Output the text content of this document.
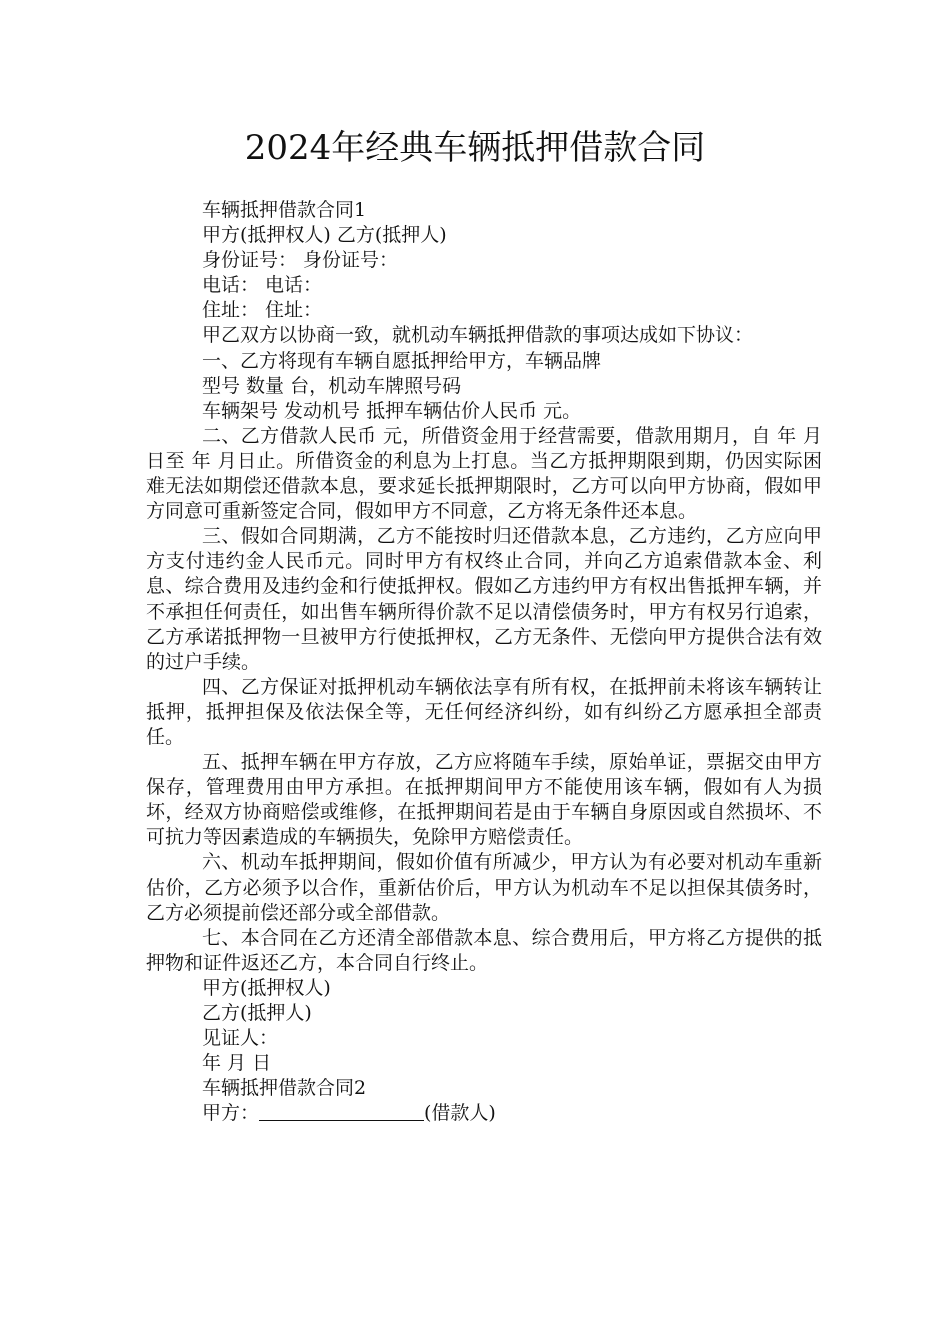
2024年经典车辆抵押借款合同
车辆抵押借款合同1
甲方(抵押权人) 乙方(抵押人)
身份证号： 身份证号：
电话： 电话：
住址： 住址：

甲乙双方以协商一致，就机动车辆抵押借款的事项达成如下协议：

一、乙方将现有车辆自愿抵押给甲方，车辆品牌
型号 数量 台，机动车牌照号码
车辆架号 发动机号 抵押车辆估价人民币 元。

二、乙方借款人民币 元，所借资金用于经营需要，借款用期月，自 年 月 日至 年 月日止。所借资金的利息为上打息。当乙方抵押期限到期，仍因实际困难无法如期偿还借款本息，要求延长抵押期限时，乙方可以向甲方协商，假如甲方同意可重新签定合同，假如甲方不同意，乙方将无条件还本息。

三、假如合同期满，乙方不能按时归还借款本息，乙方违约，乙方应向甲方支付违约金人民币元。同时甲方有权终止合同，并向乙方追索借款本金、利息、综合费用及违约金和行使抵押权。假如乙方违约甲方有权出售抵押车辆，并不承担任何责任，如出售车辆所得价款不足以清偿债务时，甲方有权另行追索，乙方承诺抵押物一旦被甲方行使抵押权，乙方无条件、无偿向甲方提供合法有效的过户手续。

四、乙方保证对抵押机动车辆依法享有所有权，在抵押前未将该车辆转让抵押，抵押担保及依法保全等，无任何经济纠纷，如有纠纷乙方愿承担全部责任。

五、抵押车辆在甲方存放，乙方应将随车手续，原始单证，票据交由甲方保存，管理费用由甲方承担。在抵押期间甲方不能使用该车辆，假如有人为损坏，经双方协商赔偿或维修，在抵押期间若是由于车辆自身原因或自然损坏、不可抗力等因素造成的车辆损失，免除甲方赔偿责任。

六、机动车抵押期间，假如价值有所减少，甲方认为有必要对机动车重新估价，乙方必须予以合作，重新估价后，甲方认为机动车不足以担保其债务时，乙方必须提前偿还部分或全部借款。

七、本合同在乙方还清全部借款本息、综合费用后，甲方将乙方提供的抵押物和证件返还乙方，本合同自行终止。

甲方(抵押权人)
乙方(抵押人)
见证人：
年 月 日
车辆抵押借款合同2
甲方：	(借款人)
